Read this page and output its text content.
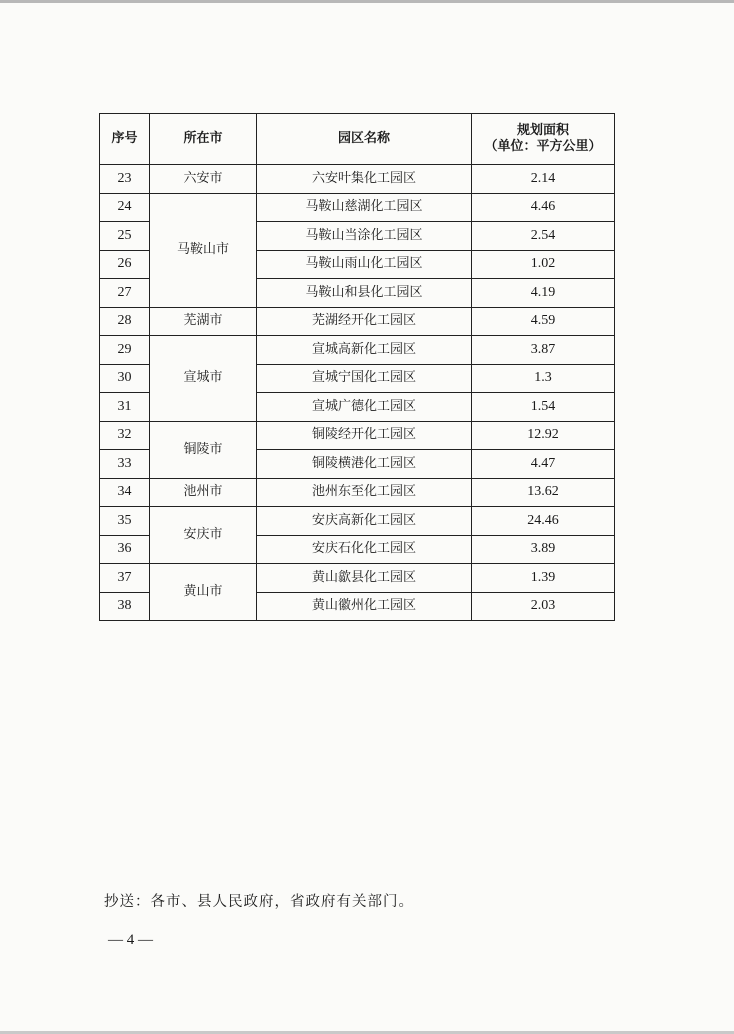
序号	所在市	园区名称	规划面积
（单位：平方公里）

23	六安市	六安叶集化工园区	2.14
24	马鞍山市	马鞍山慈湖化工园区	4.46
25		马鞍山当涂化工园区	2.54
26		马鞍山雨山化工园区	1.02
27		马鞍山和县化工园区	4.19
28	芜湖市	芜湖经开化工园区	4.59
29	宣城市	宣城高新化工园区	3.87
30		宣城宁国化工园区	1.3
31		宣城广德化工园区	1.54
32	铜陵市	铜陵经开化工园区	12.92
33		铜陵横港化工园区	4.47
34	池州市	池州东至化工园区	13.62
35	安庆市	安庆高新化工园区	24.46
36		安庆石化化工园区	3.89
37	黄山市	黄山歙县化工园区	1.39
38		黄山徽州化工园区	2.03
抄送：各市、县人民政府，省政府有关部门。
— 4 —
